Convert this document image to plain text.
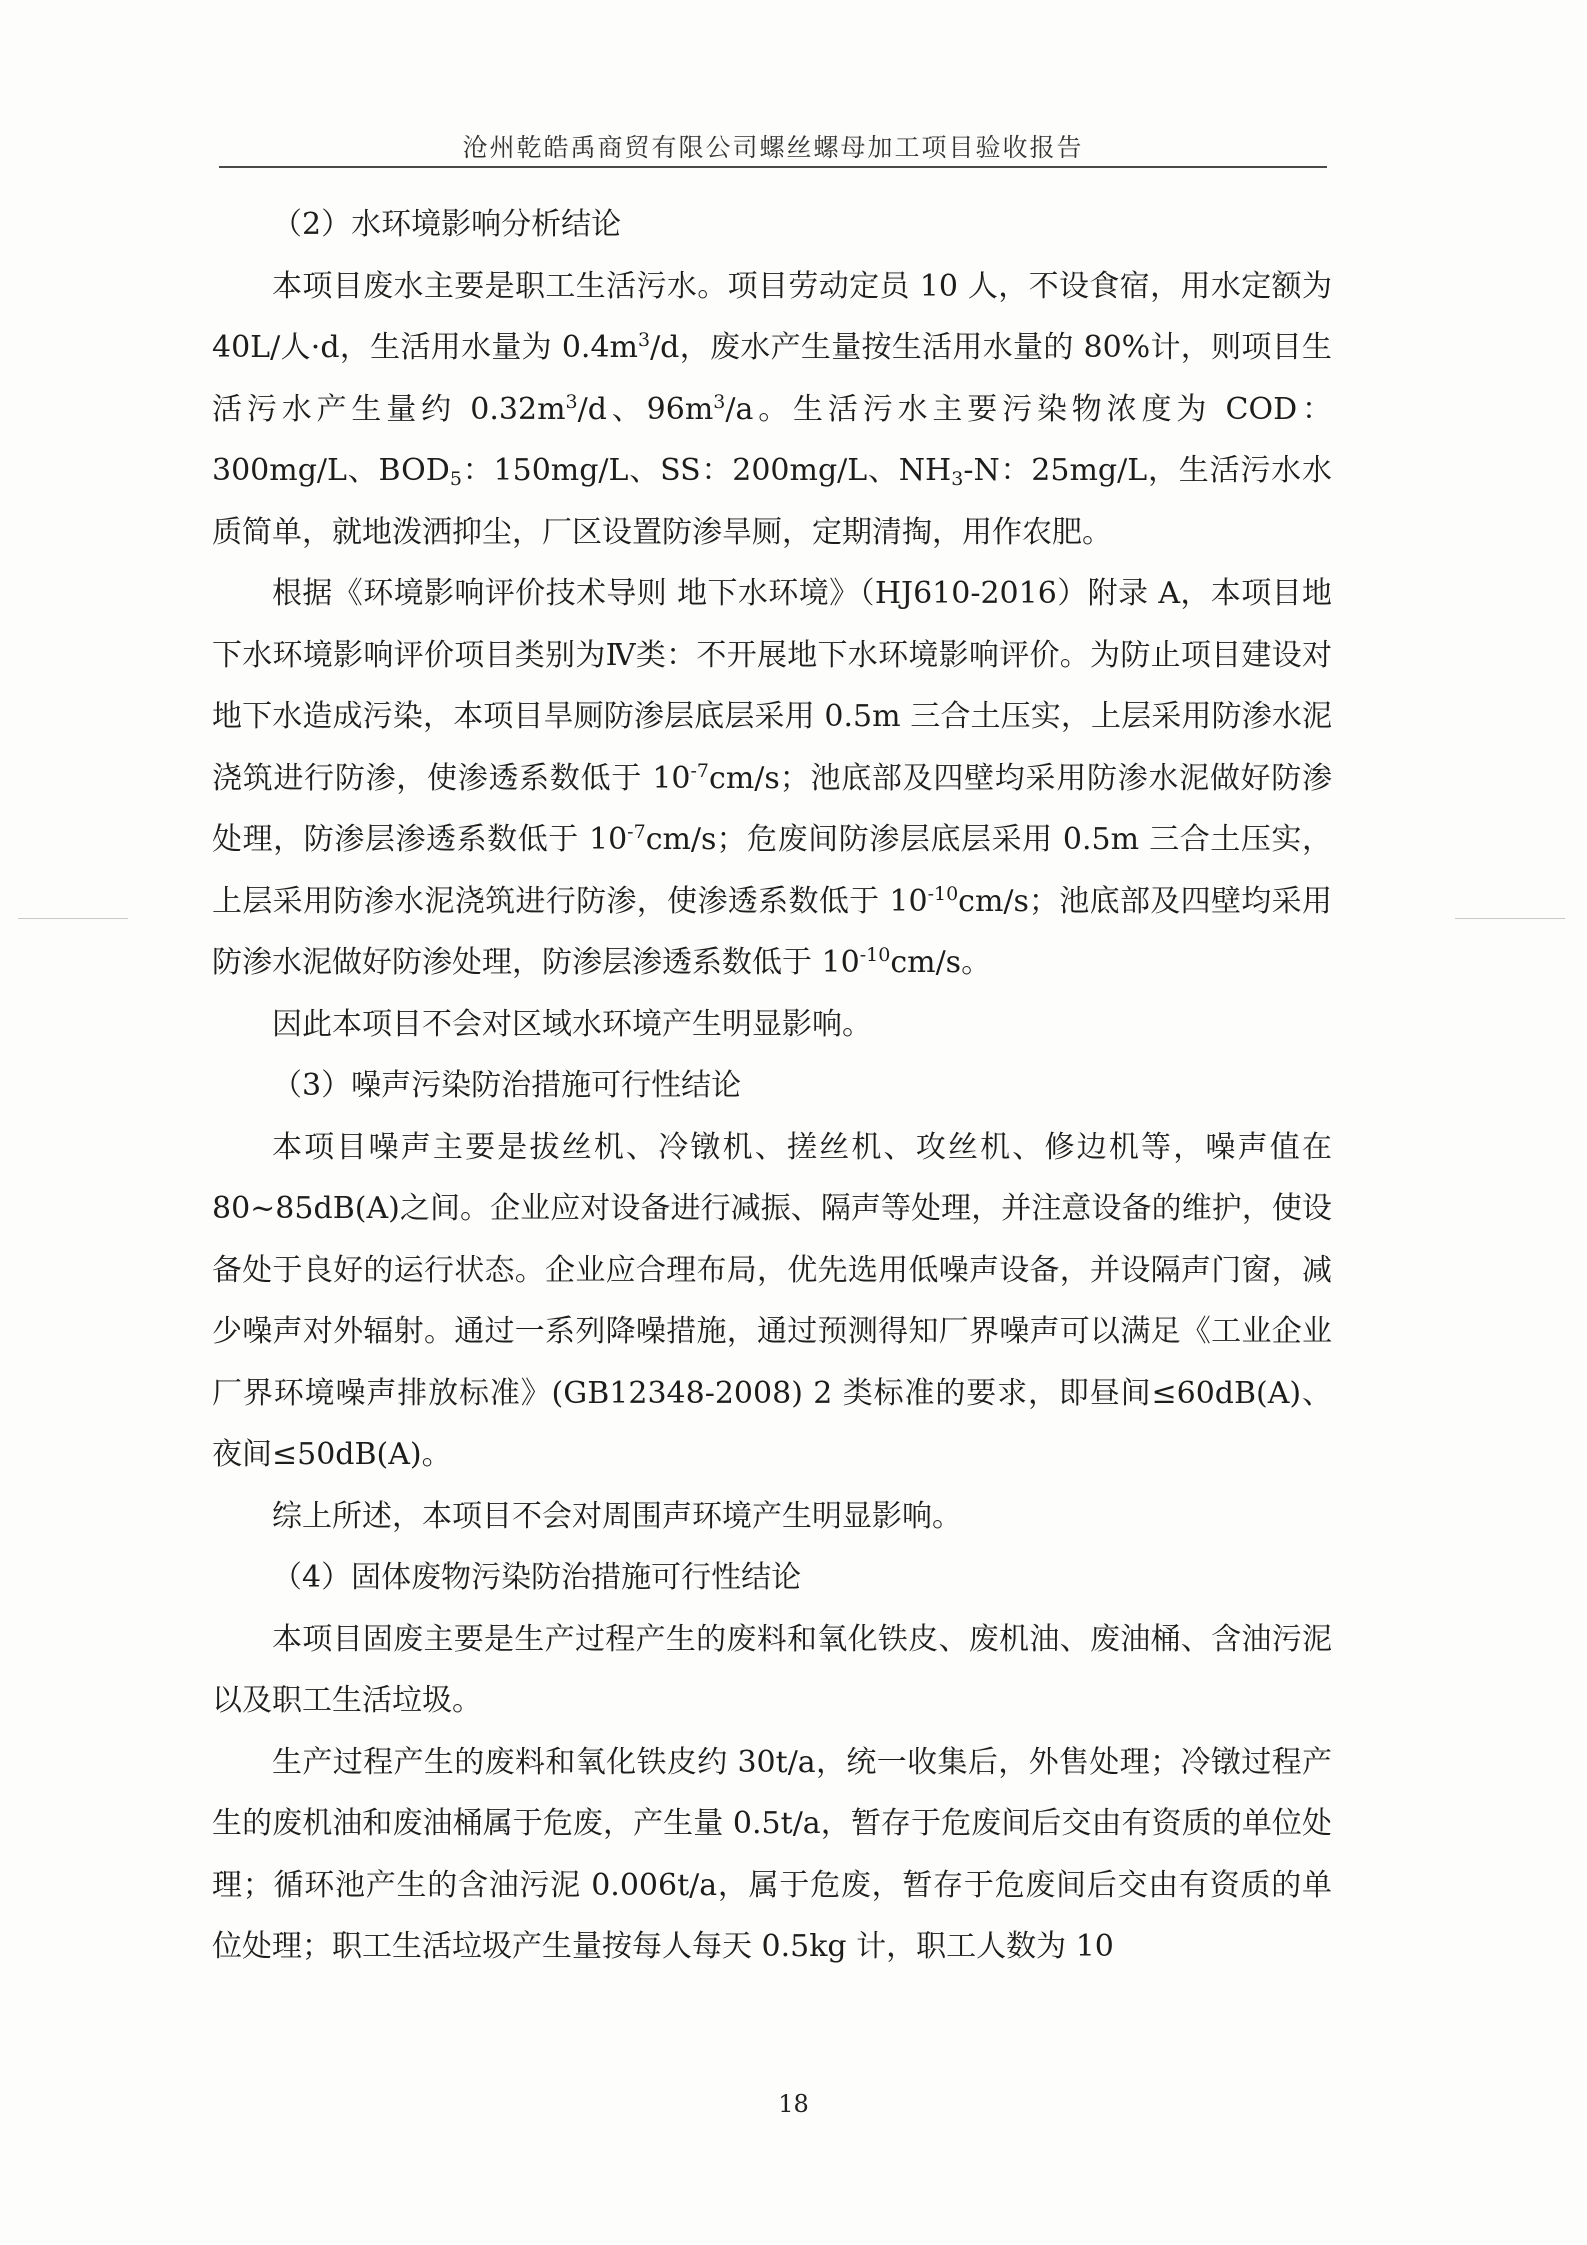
沧州乾皓禹商贸有限公司螺丝螺母加工项目验收报告

（2）水环境影响分析结论

本项目废水主要是职工生活污水。项目劳动定员 10 人，不设食宿，用水定额为 40L/人·d，生活用水量为 $0.4m^3/d$，废水产生量按生活用水量的 80%计，则项目生活污水产生量约 $0.32m^3/d$、$96m^3/a$。生活污水主要污染物浓度为 COD：300mg/L、$BOD_5$：150mg/L、SS：200mg/L、$NH_3-N$：25mg/L，生活污水水质简单，就地泼洒抑尘，厂区设置防渗旱厕，定期清掏，用作农肥。

根据《环境影响评价技术导则 地下水环境》（HJ610-2016）附录 A，本项目地下水环境影响评价项目类别为Ⅳ类：不开展地下水环境影响评价。为防止项目建设对地下水造成污染，本项目旱厕防渗层底层采用 0.5m 三合土压实，上层采用防渗水泥浇筑进行防渗，使渗透系数低于 $10^{-7}cm/s$；池底部及四壁均采用防渗水泥做好防渗处理，防渗层渗透系数低于 $10^{-7}cm/s$；危废间防渗层底层采用 0.5m 三合土压实，上层采用防渗水泥浇筑进行防渗，使渗透系数低于 $10^{-10}cm/s$；池底部及四壁均采用防渗水泥做好防渗处理，防渗层渗透系数低于 $10^{-10}cm/s$。

因此本项目不会对区域水环境产生明显影响。

（3）噪声污染防治措施可行性结论

本项目噪声主要是拔丝机、冷镦机、搓丝机、攻丝机、修边机等，噪声值在 80~85dB(A)之间。企业应对设备进行减振、隔声等处理，并注意设备的维护，使设备处于良好的运行状态。企业应合理布局，优先选用低噪声设备，并设隔声门窗，减少噪声对外辐射。通过一系列降噪措施，通过预测得知厂界噪声可以满足《工业企业厂界环境噪声排放标准》(GB12348-2008) 2 类标准的要求，即昼间≤60dB(A)、夜间≤50dB(A)。

综上所述，本项目不会对周围声环境产生明显影响。

（4）固体废物污染防治措施可行性结论

本项目固废主要是生产过程产生的废料和氧化铁皮、废机油、废油桶、含油污泥以及职工生活垃圾。

生产过程产生的废料和氧化铁皮约 30t/a，统一收集后，外售处理；冷镦过程产生的废机油和废油桶属于危废，产生量 0.5t/a，暂存于危废间后交由有资质的单位处理；循环池产生的含油污泥 0.006t/a，属于危废，暂存于危废间后交由有资质的单位处理；职工生活垃圾产生量按每人每天 0.5kg 计，职工人数为 10

18
